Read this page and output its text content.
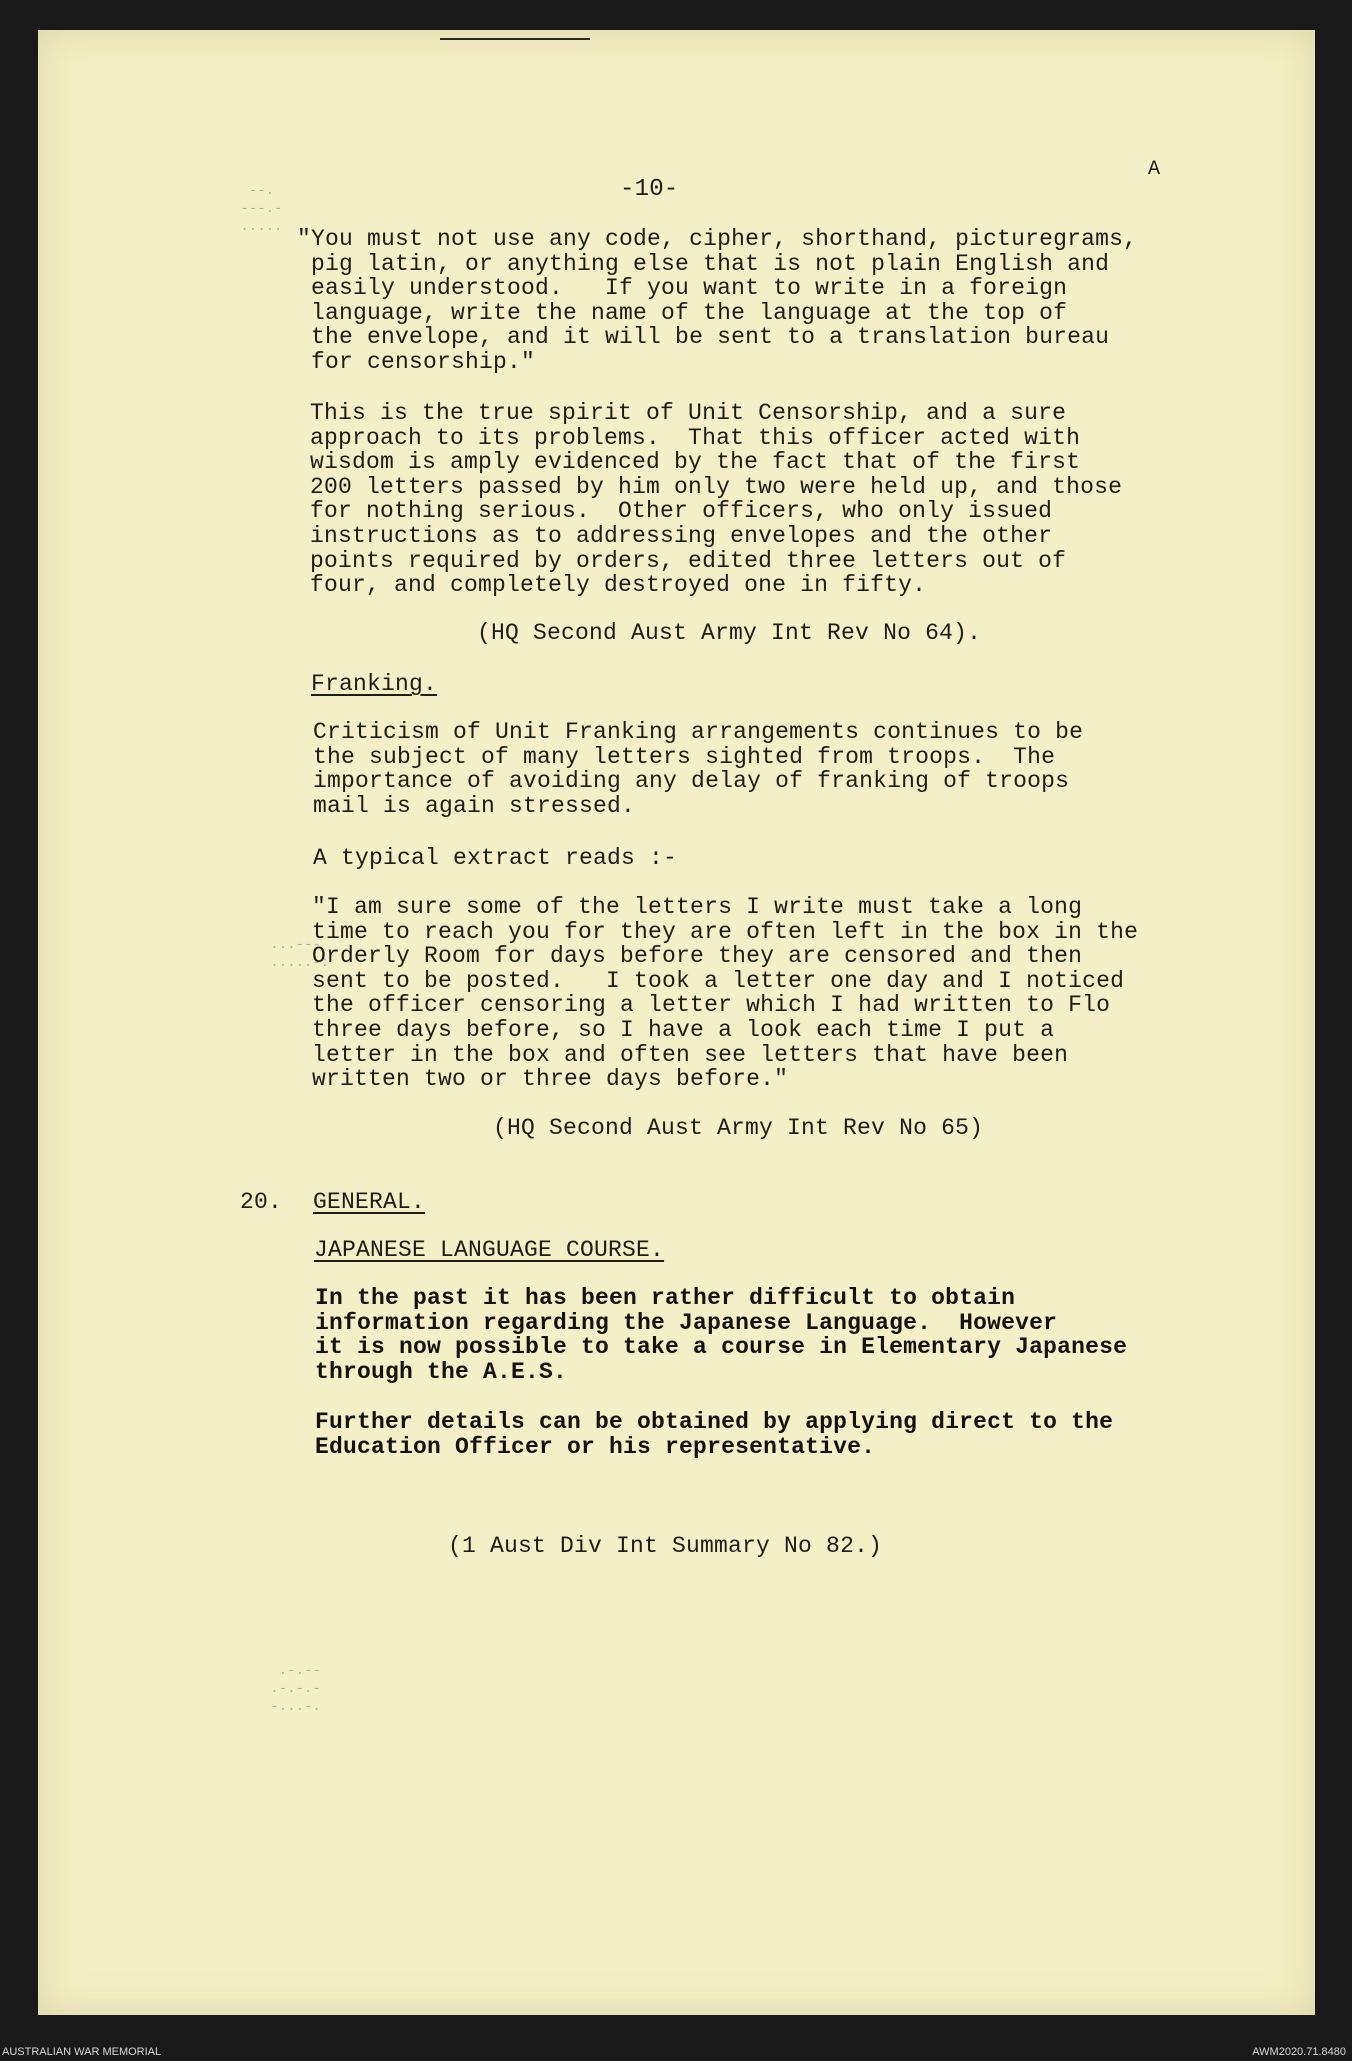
--.
---.-
.....

...---
.....-:

.-.--
.-.-.-
-...-.

-10-

A

"You must not use any code, cipher, shorthand, picturegrams,
pig latin, or anything else that is not plain English and
easily understood.   If you want to write in a foreign
language, write the name of the language at the top of
the envelope, and it will be sent to a translation bureau
for censorship."

This is the true spirit of Unit Censorship, and a sure
approach to its problems.  That this officer acted with
wisdom is amply evidenced by the fact that of the first
200 letters passed by him only two were held up, and those
for nothing serious.  Other officers, who only issued
instructions as to addressing envelopes and the other
points required by orders, edited three letters out of
four, and completely destroyed one in fifty.

(HQ Second Aust Army Int Rev No 64).

Franking.

Criticism of Unit Franking arrangements continues to be
the subject of many letters sighted from troops.  The
importance of avoiding any delay of franking of troops
mail is again stressed.

A typical extract reads :-

"I am sure some of the letters I write must take a long
time to reach you for they are often left in the box in the
Orderly Room for days before they are censored and then
sent to be posted.   I took a letter one day and I noticed
the officer censoring a letter which I had written to Flo
three days before, so I have a look each time I put a
letter in the box and often see letters that have been
written two or three days before."

(HQ Second Aust Army Int Rev No 65)

20. GENERAL.

JAPANESE LANGUAGE COURSE.

In the past it has been rather difficult to obtain
information regarding the Japanese Language.  However
it is now possible to take a course in Elementary Japanese
through the A.E.S.

Further details can be obtained by applying direct to the
Education Officer or his representative.

(1 Aust Div Int Summary No 82.)

AUSTRALIAN WAR MEMORIAL	AWM2020.71.8480
